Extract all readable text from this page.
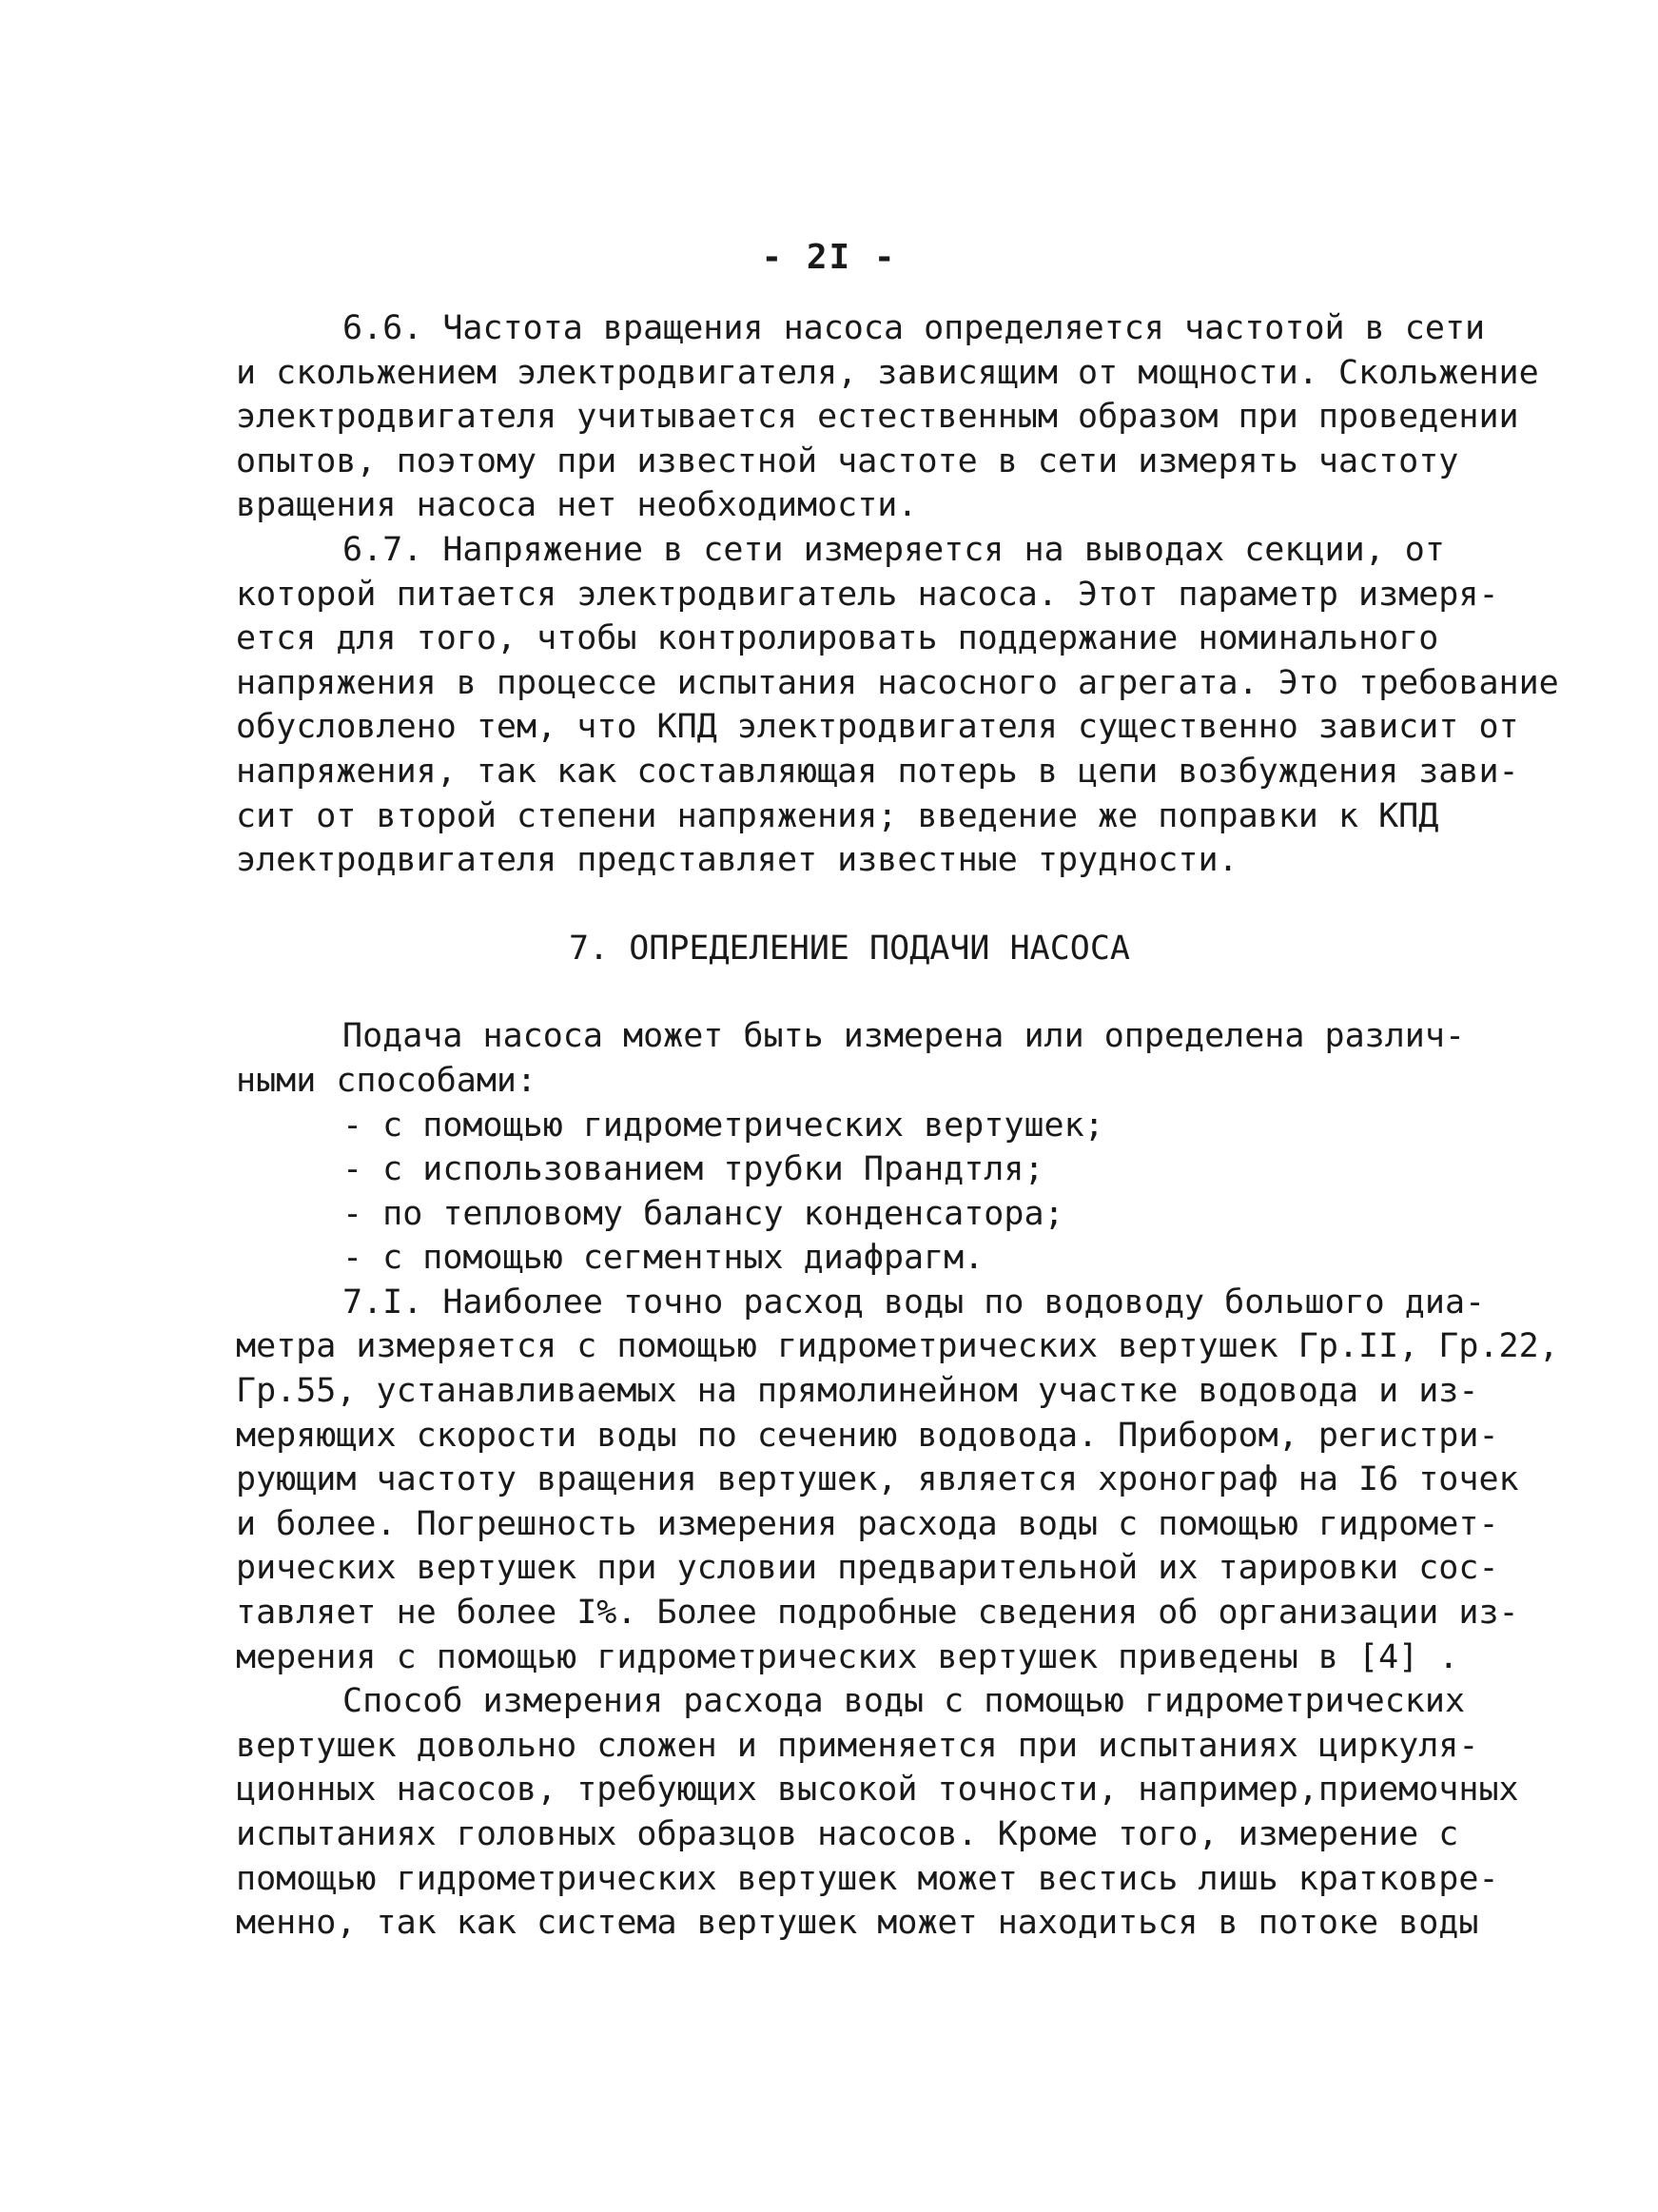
- 2I -
6.6. Частота вращения насоса определяется частотой в сети
и скольжением электродвигателя, зависящим от мощности. Скольжение
электродвигателя учитывается естественным образом при проведении
опытов, поэтому при известной частоте в сети измерять частоту
вращения насоса нет необходимости.
6.7. Напряжение в сети измеряется на выводах секции, от
которой питается электродвигатель насоса. Этот параметр измеря-
ется для того, чтобы контролировать поддержание номинального
напряжения в процессе испытания насосного агрегата. Это требование
обусловлено тем, что КПД электродвигателя существенно зависит от
напряжения, так как составляющая потерь в цепи возбуждения зави-
сит от второй степени напряжения; введение же поправки к КПД
электродвигателя представляет известные трудности.
7. ОПРЕДЕЛЕНИЕ ПОДАЧИ НАСОСА
Подача насоса может быть измерена или определена различ-
ными способами:
- с помощью гидрометрических вертушек;
- с использованием трубки Прандтля;
- по тепловому балансу конденсатора;
- с помощью сегментных диафрагм.
7.I. Наиболее точно расход воды по водоводу большого диа-
метра измеряется с помощью гидрометрических вертушек Гр.II, Гр.22,
Гр.55, устанавливаемых на прямолинейном участке водовода и из-
меряющих скорости воды по сечению водовода. Прибором, регистри-
рующим частоту вращения вертушек, является хронограф на I6 точек
и более. Погрешность измерения расхода воды с помощью гидромет-
рических вертушек при условии предварительной их тарировки сос-
тавляет не более I%. Более подробные сведения об организации из-
мерения с помощью гидрометрических вертушек приведены в [4] .
Способ измерения расхода воды с помощью гидрометрических
вертушек довольно сложен и применяется при испытаниях циркуля-
ционных насосов, требующих высокой точности, например,приемочных
испытаниях головных образцов насосов. Кроме того, измерение с
помощью гидрометрических вертушек может вестись лишь кратковре-
менно, так как система вертушек может находиться в потоке воды
